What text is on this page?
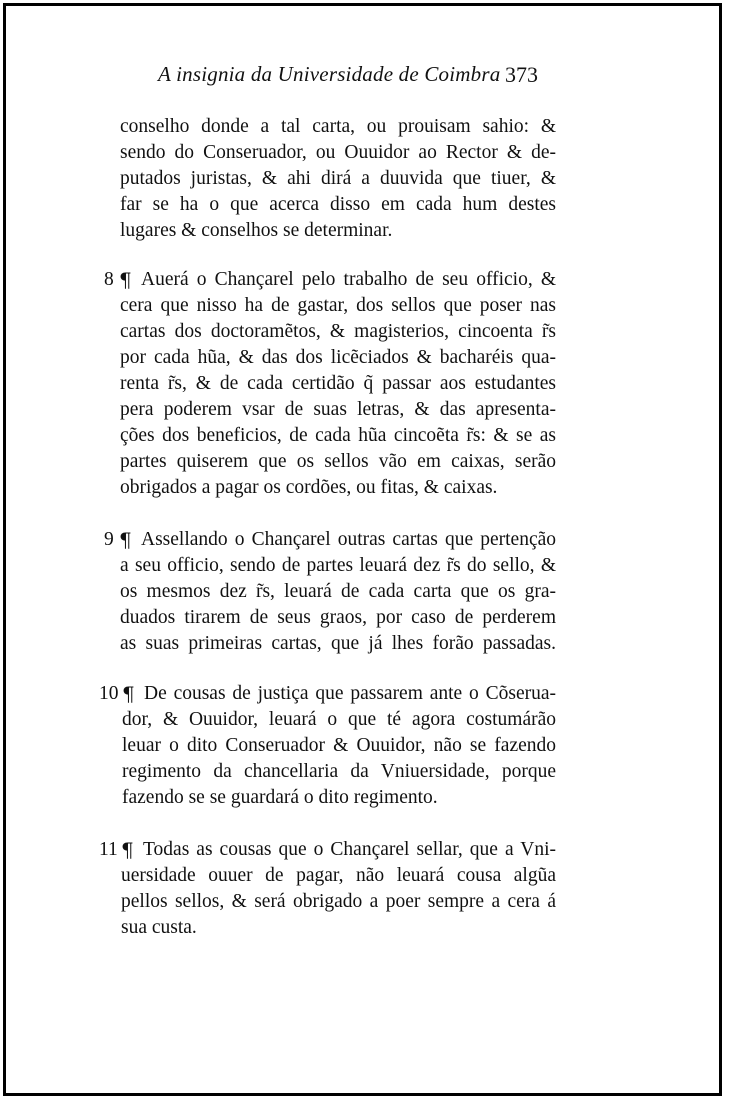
A insignia da Universidade de Coimbra 373
conselho donde a tal carta, ou prouisam sahio: &
sendo do Conseruador, ou Ouuidor ao Rector & de-
putados juristas, & ahi dirá a duuvida que tiuer, &
far se ha o que acerca disso em cada hum destes
lugares & conselhos se determinar.
8 ¶ Auerá o Chançarel pelo trabalho de seu officio, &
cera que nisso ha de gastar, dos sellos que poser nas
cartas dos doctoramẽtos, & magisterios, cincoenta r̃s
por cada hũa, & das dos licẽciados & bacharéis qua-
renta r̃s, & de cada certidão q̃ passar aos estudantes
pera poderem vsar de suas letras, & das apresenta-
ções dos beneficios, de cada hũa cincoẽta r̃s: & se as
partes quiserem que os sellos vão em caixas, serão
obrigados a pagar os cordões, ou fitas, & caixas.
9 ¶ Assellando o Chançarel outras cartas que pertenção
a seu officio, sendo de partes leuará dez r̃s do sello, &
os mesmos dez r̃s, leuará de cada carta que os gra-
duados tirarem de seus graos, por caso de perderem
as suas primeiras cartas, que já lhes forão passadas.
10 ¶ De cousas de justiça que passarem ante o Cõserua-
dor, & Ouuidor, leuará o que té agora costumárão
leuar o dito Conseruador & Ouuidor, não se fazendo
regimento da chancellaria da Vniuersidade, porque
fazendo se se guardará o dito regimento.
11 ¶ Todas as cousas que o Chançarel sellar, que a Vni-
uersidade ouuer de pagar, não leuará cousa algũa
pellos sellos, & será obrigado a poer sempre a cera á
sua custa.
